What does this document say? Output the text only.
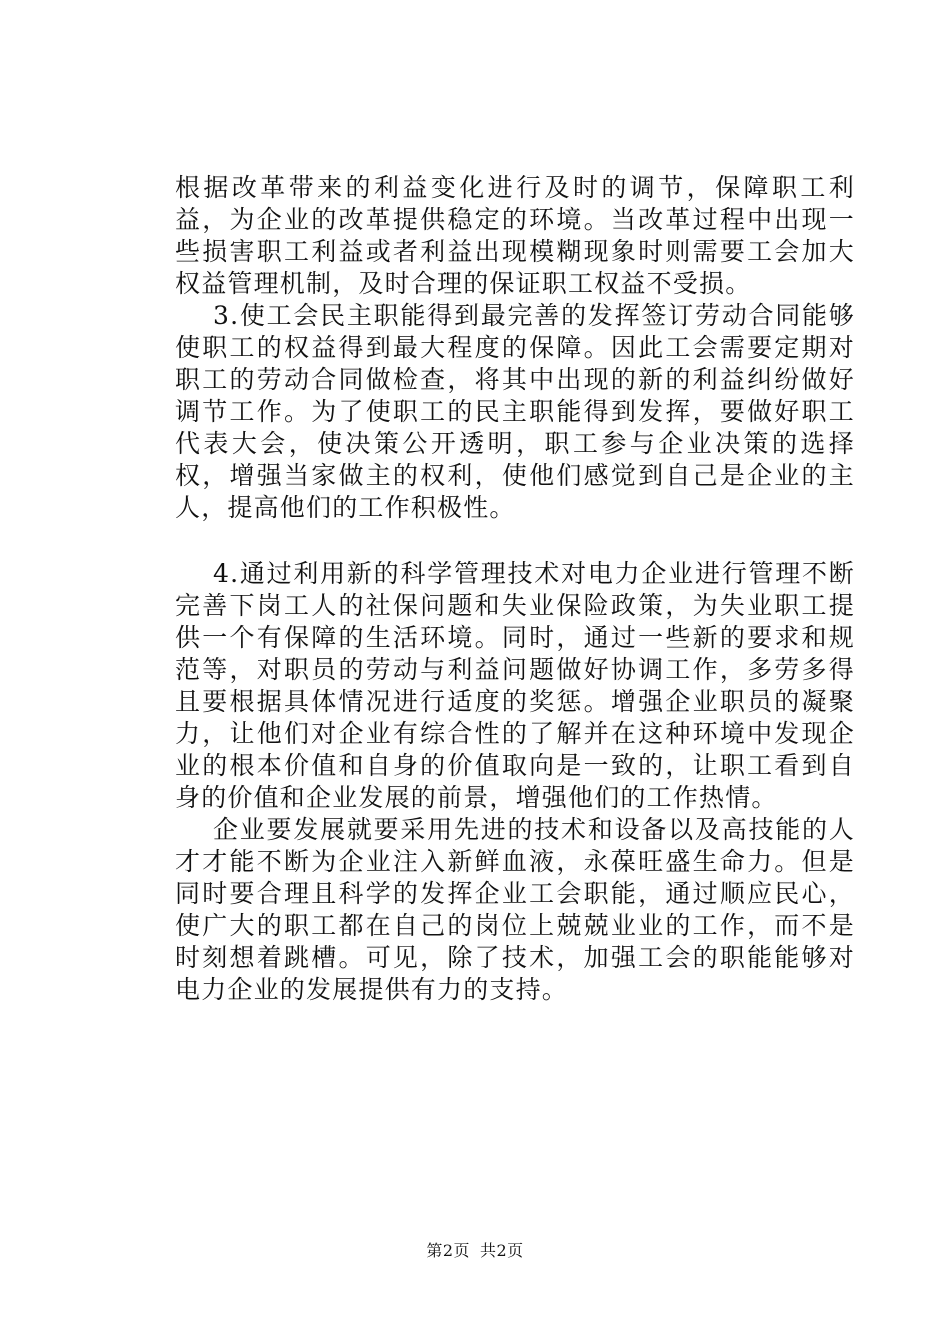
根据改革带来的利益变化进行及时的调节，保障职工利益，为企业的改革提供稳定的环境。当改革过程中出现一些损害职工利益或者利益出现模糊现象时则需要工会加大权益管理机制，及时合理的保证职工权益不受损。

3.使工会民主职能得到最完善的发挥签订劳动合同能够使职工的权益得到最大程度的保障。因此工会需要定期对职工的劳动合同做检查，将其中出现的新的利益纠纷做好调节工作。为了使职工的民主职能得到发挥，要做好职工代表大会，使决策公开透明，职工参与企业决策的选择权，增强当家做主的权利，使他们感觉到自己是企业的主人，提高他们的工作积极性。

4.通过利用新的科学管理技术对电力企业进行管理不断完善下岗工人的社保问题和失业保险政策，为失业职工提供一个有保障的生活环境。同时，通过一些新的要求和规范等，对职员的劳动与利益问题做好协调工作，多劳多得且要根据具体情况进行适度的奖惩。增强企业职员的凝聚力，让他们对企业有综合性的了解并在这种环境中发现企业的根本价值和自身的价值取向是一致的，让职工看到自身的价值和企业发展的前景，增强他们的工作热情。

企业要发展就要采用先进的技术和设备以及高技能的人才才能不断为企业注入新鲜血液，永葆旺盛生命力。但是同时要合理且科学的发挥企业工会职能，通过顺应民心，使广大的职工都在自己的岗位上兢兢业业的工作，而不是时刻想着跳槽。可见，除了技术，加强工会的职能能够对电力企业的发展提供有力的支持。

第2页 共2页
